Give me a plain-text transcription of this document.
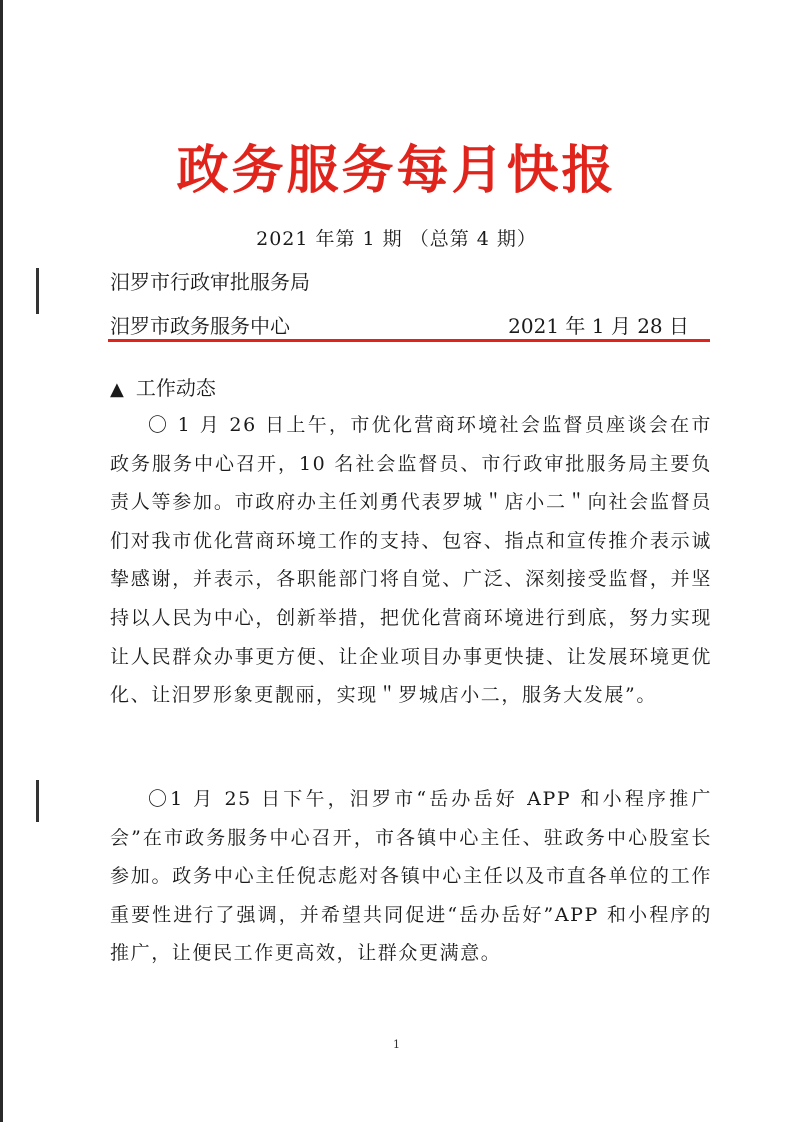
政务服务每月快报
2021 年第 1 期 （总第 4 期）
汨罗市行政审批服务局
汨罗市政务服务中心	2021 年 1 月 28 日
▲ 工作动态

〇 1 月 26 日上午，市优化营商环境社会监督员座谈会在市政务服务中心召开，10 名社会监督员、市行政审批服务局主要负责人等参加。市政府办主任刘勇代表罗城＂店小二＂向社会监督员们对我市优化营商环境工作的支持、包容、指点和宣传推介表示诚挚感谢，并表示，各职能部门将自觉、广泛、深刻接受监督，并坚持以人民为中心，创新举措，把优化营商环境进行到底，努力实现让人民群众办事更方便、让企业项目办事更快捷、让发展环境更优化、让汨罗形象更靓丽，实现＂罗城店小二，服务大发展”。

〇1 月 25 日下午，汨罗市“岳办岳好 APP 和小程序推广会”在市政务服务中心召开，市各镇中心主任、驻政务中心股室长参加。政务中心主任倪志彪对各镇中心主任以及市直各单位的工作重要性进行了强调，并希望共同促进“岳办岳好”APP 和小程序的推广，让便民工作更高效，让群众更满意。

1
